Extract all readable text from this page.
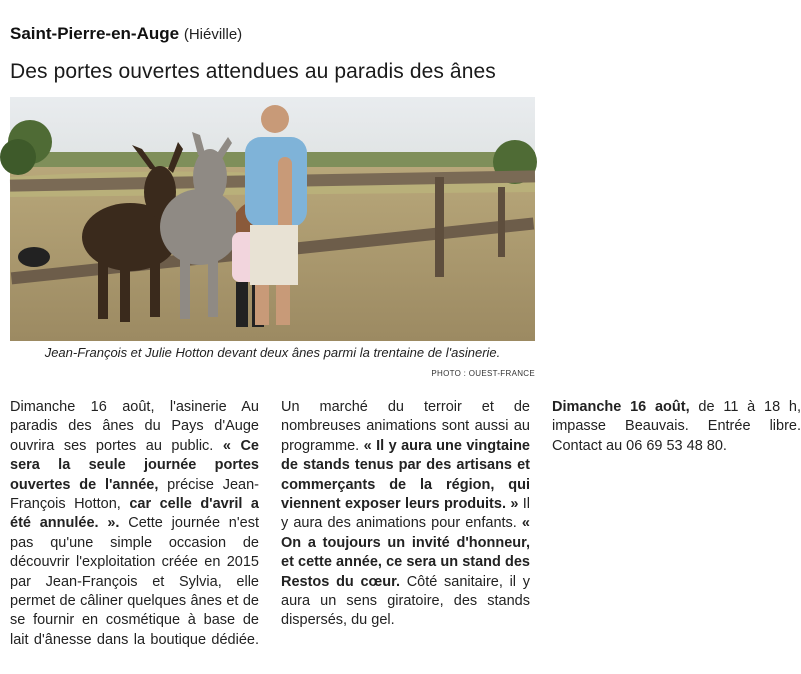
Saint-Pierre-en-Auge (Hiéville)
Des portes ouvertes attendues au paradis des ânes
Jean-François et Julie Hotton devant deux ânes parmi la trentaine de l'asinerie.
PHOTO : OUEST-FRANCE

Dimanche 16 août, l'asinerie Au paradis des ânes du Pays d'Auge ouvrira ses portes au public. « Ce sera la seule journée portes ouvertes de l'année, précise Jean-François Hotton, car celle d'avril a été annulée. ». Cette journée n'est pas qu'une simple occasion de découvrir l'exploitation créée en 2015 par Jean-François et Sylvia, elle permet de câliner quelques ânes et de se fournir en cosmétique à base de lait d'ânesse dans la boutique dédiée. Un marché du terroir et de nombreuses animations sont aussi au programme. « Il y aura une vingtaine de stands tenus par des artisans et commerçants de la région, qui viennent exposer leurs produits. » Il y aura des animations pour enfants. « On a toujours un invité d'honneur, et cette année, ce sera un stand des Restos du cœur. Côté sanitaire, il y aura un sens giratoire, des stands dispersés, du gel.

Dimanche 16 août, de 11 à 18 h, impasse Beauvais. Entrée libre. Contact au 06 69 53 48 80.
